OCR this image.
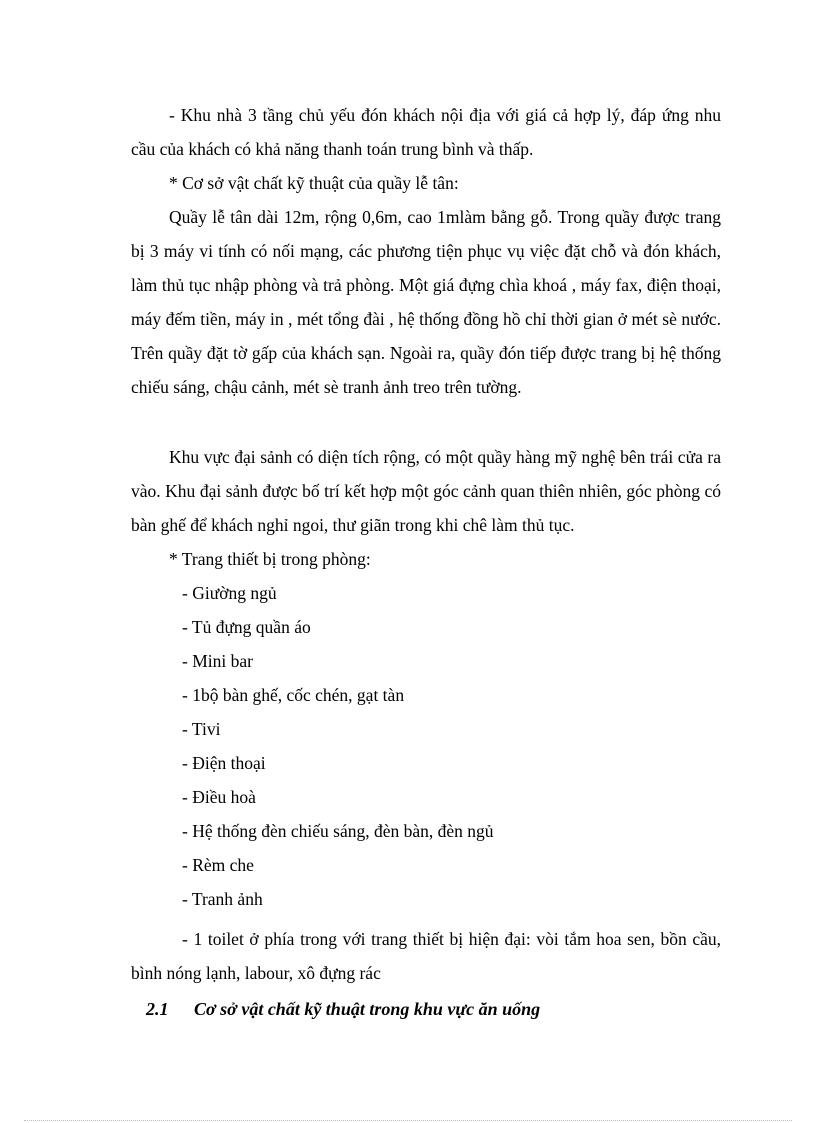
- Khu nhà 3 tầng chủ yếu đón khách nội địa với giá cả hợp lý, đáp ứng nhu cầu của khách có khả năng thanh toán trung bình và thấp.

* Cơ sở vật chất kỹ thuật của quầy lễ tân:

Quầy lễ tân dài 12m, rộng 0,6m, cao 1mlàm bằng gỗ. Trong quầy được trang bị 3 máy vi tính có nối mạng, các phương tiện phục vụ việc đặt chỗ và đón khách, làm thủ tục nhập phòng và trả phòng. Một giá đựng chìa khoá , máy fax, điện thoại, máy đếm tiền, máy in , mét tổng đài , hệ thống đồng hồ chỉ thời gian ở mét sè nước. Trên quầy đặt tờ gấp của khách sạn. Ngoài ra, quầy đón tiếp được trang bị hệ thống chiếu sáng, chậu cảnh, mét sè tranh ảnh treo trên tường.

Khu vực đại sảnh có diện tích rộng, có một quầy hàng mỹ nghệ bên trái cửa ra vào. Khu đại sảnh được bố trí kết hợp một góc cảnh quan thiên nhiên, góc phòng có bàn ghế để khách nghỉ ngoi, thư giãn trong khi chê làm thủ tục.

* Trang thiết bị trong phòng:

- Giường ngủ

- Tủ đựng quần áo

- Mini bar

- 1bộ bàn ghế, cốc chén, gạt tàn

- Tivi

- Điện thoại

- Điều hoà

- Hệ thống đèn chiếu sáng, đèn bàn, đèn ngủ

- Rèm che

- Tranh ảnh

- 1 toilet ở phía trong với trang thiết bị hiện đại: vòi tắm hoa sen, bồn cầu, bình nóng lạnh, labour, xô đựng rác

2.1 Cơ sở vật chất kỹ thuật trong khu vực ăn uống
